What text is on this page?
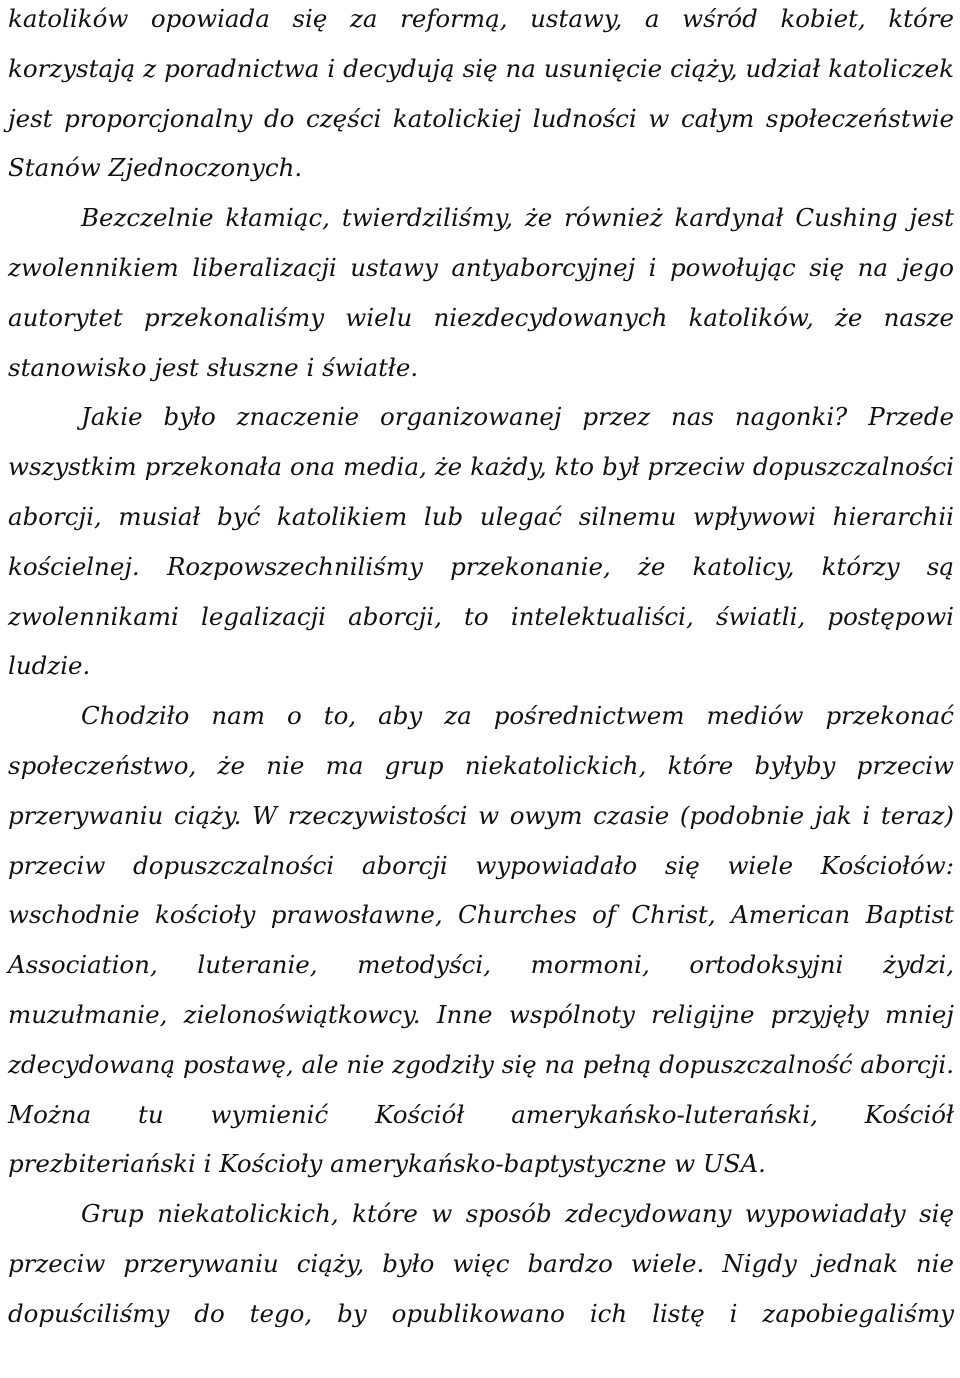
katolików opowiada się za reformą, ustawy, a wśród kobiet, które korzystają z poradnictwa i decydują się na usunięcie ciąży, udział katoliczek jest proporcjonalny do części katolickiej ludności w całym społeczeństwie Stanów Zjednoczonych.

Bezczelnie kłamiąc, twierdziliśmy, że również kardynał Cushing jest zwolennikiem liberalizacji ustawy antyaborcyjnej i powołując się na jego autorytet przekonaliśmy wielu niezdecydowanych katolików, że nasze stanowisko jest słuszne i światłe.

Jakie było znaczenie organizowanej przez nas nagonki? Przede wszystkim przekonała ona media, że każdy, kto był przeciw dopuszczalności aborcji, musiał być katolikiem lub ulegać silnemu wpływowi hierarchii kościelnej. Rozpowszechniliśmy przekonanie, że katolicy, którzy są zwolennikami legalizacji aborcji, to intelektualiści, światli, postępowi ludzie.

Chodziło nam o to, aby za pośrednictwem mediów przekonać społeczeństwo, że nie ma grup niekatolickich, które byłyby przeciw przerywaniu ciąży. W rzeczywistości w owym czasie (podobnie jak i teraz) przeciw dopuszczalności aborcji wypowiadało się wiele Kościołów: wschodnie kościoły prawosławne, Churches of Christ, American Baptist Association, luteranie, metodyści, mormoni, ortodoksyjni żydzi, muzułmanie, zielonoświątkowcy. Inne wspólnoty religijne przyjęły mniej zdecydowaną postawę, ale nie zgodziły się na pełną dopuszczalność aborcji. Można tu wymienić Kościół amerykańsko-luterański, Kościół prezbiteriański i Kościoły amerykańsko-baptystyczne w USA.

Grup niekatolickich, które w sposób zdecydowany wypowiadały się przeciw przerywaniu ciąży, było więc bardzo wiele. Nigdy jednak nie dopuściliśmy do tego, by opublikowano ich listę i zapobiegaliśmy
